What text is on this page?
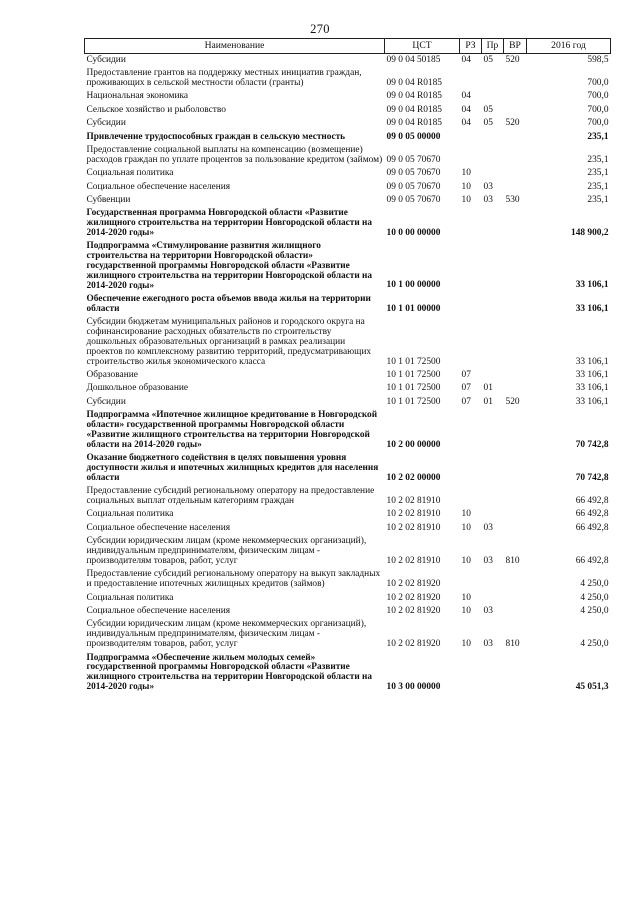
270
Наименование	ЦСТ	РЗ	Пр	ВР	2016 год
Субсидии	09 0 04 50185	04	05	520	598,5
Предоставление грантов на поддержку местных инициатив граждан, проживающих в сельской местности области (гранты)	09 0 04 R0185				700,0
Национальная экономика	09 0 04 R0185	04			700,0
Сельское хозяйство и рыболовство	09 0 04 R0185	04	05		700,0
Субсидии	09 0 04 R0185	04	05	520	700,0
Привлечение трудоспособных граждан в сельскую местность	09 0 05 00000				235,1
Предоставление социальной выплаты на компенсацию (возмещение) расходов граждан по уплате процентов за пользование кредитом (займом)	09 0 05 70670				235,1
Социальная политика	09 0 05 70670	10			235,1
Социальное обеспечение населения	09 0 05 70670	10	03		235,1
Субвенции	09 0 05 70670	10	03	530	235,1
Государственная программа Новгородской области «Развитие жилищного строительства на территории Новгородской области на 2014-2020 годы»	10 0 00 00000				148 900,2
Подпрограмма «Стимулирование развития жилищного строительства на территории Новгородской области» государственной программы Новгородской области «Развитие жилищного строительства на территории Новгородской области на 2014-2020 годы»	10 1 00 00000				33 106,1
Обеспечение ежегодного роста объемов ввода жилья на территории области	10 1 01 00000				33 106,1
Субсидии бюджетам муниципальных районов и городского округа на софинансирование расходных обязательств по строительству дошкольных образовательных организаций в рамках реализации проектов по комплексному развитию территорий, предусматривающих строительство жилья экономического класса	10 1 01 72500				33 106,1
Образование	10 1 01 72500	07			33 106,1
Дошкольное образование	10 1 01 72500	07	01		33 106,1
Субсидии	10 1 01 72500	07	01	520	33 106,1
Подпрограмма «Ипотечное жилищное кредитование в Новгородской области» государственной программы Новгородской области «Развитие жилищного строительства на территории Новгородской области на 2014-2020 годы»	10 2 00 00000				70 742,8
Оказание бюджетного содействия в целях повышения уровня доступности жилья и ипотечных жилищных кредитов для населения области	10 2 02 00000				70 742,8
Предоставление субсидий региональному оператору на предоставление социальных выплат отдельным категориям граждан	10 2 02 81910				66 492,8
Социальная политика	10 2 02 81910	10			66 492,8
Социальное обеспечение населения	10 2 02 81910	10	03		66 492,8
Субсидии юридическим лицам (кроме некоммерческих организаций), индивидуальным предпринимателям, физическим лицам - производителям товаров, работ, услуг	10 2 02 81910	10	03	810	66 492,8
Предоставление субсидий региональному оператору на выкуп закладных и предоставление ипотечных жилищных кредитов (займов)	10 2 02 81920				4 250,0
Социальная политика	10 2 02 81920	10			4 250,0
Социальное обеспечение населения	10 2 02 81920	10	03		4 250,0
Субсидии юридическим лицам (кроме некоммерческих организаций), индивидуальным предпринимателям, физическим лицам - производителям товаров, работ, услуг	10 2 02 81920	10	03	810	4 250,0
Подпрограмма «Обеспечение жильем молодых семей» государственной программы Новгородской области «Развитие жилищного строительства на территории Новгородской области на 2014-2020 годы»	10 3 00 00000				45 051,3
